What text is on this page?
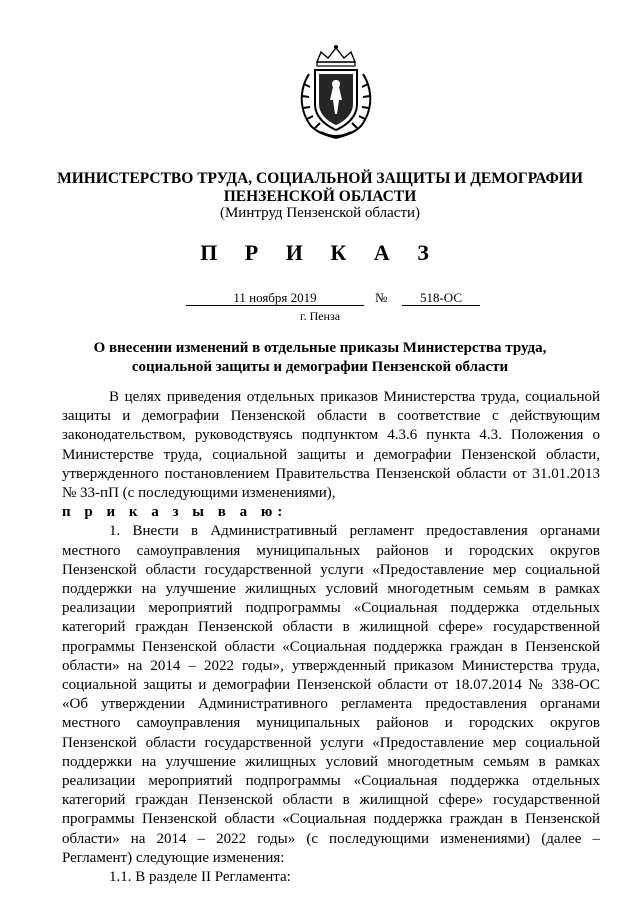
МИНИСТЕРСТВО ТРУДА, СОЦИАЛЬНОЙ ЗАЩИТЫ И ДЕМОГРАФИИ
ПЕНЗЕНСКОЙ ОБЛАСТИ
(Минтруд Пензенской области)
П Р И К А З
11 ноября 2019	№	518-ОС
г. Пенза
О внесении изменений в отдельные приказы Министерства труда, социальной защиты и демографии Пензенской области

В целях приведения отдельных приказов Министерства труда, социальной защиты и демографии Пензенской области в соответствие с действующим законодательством, руководствуясь подпунктом 4.3.6 пункта 4.3. Положения о Министерстве труда, социальной защиты и демографии Пензенской области, утвержденного постановлением Правительства Пензенской области от 31.01.2013 № 33-пП (с последующими изменениями),

п р и к а з ы в а ю:

1. Внести в Административный регламент предоставления органами местного самоуправления муниципальных районов и городских округов Пензенской области государственной услуги «Предоставление мер социальной поддержки на улучшение жилищных условий многодетным семьям в рамках реализации мероприятий подпрограммы «Социальная поддержка отдельных категорий граждан Пензенской области в жилищной сфере» государственной программы Пензенской области «Социальная поддержка граждан в Пензенской области» на 2014 – 2022 годы», утвержденный приказом Министерства труда, социальной защиты и демографии Пензенской области от 18.07.2014 № 338-ОС «Об утверждении Административного регламента предоставления органами местного самоуправления муниципальных районов и городских округов Пензенской области государственной услуги «Предоставление мер социальной поддержки на улучшение жилищных условий многодетным семьям в рамках реализации мероприятий подпрограммы «Социальная поддержка отдельных категорий граждан Пензенской области в жилищной сфере» государственной программы Пензенской области «Социальная поддержка граждан в Пензенской области» на 2014 – 2022 годы» (с последующими изменениями) (далее – Регламент) следующие изменения:

1.1. В разделе II Регламента:
